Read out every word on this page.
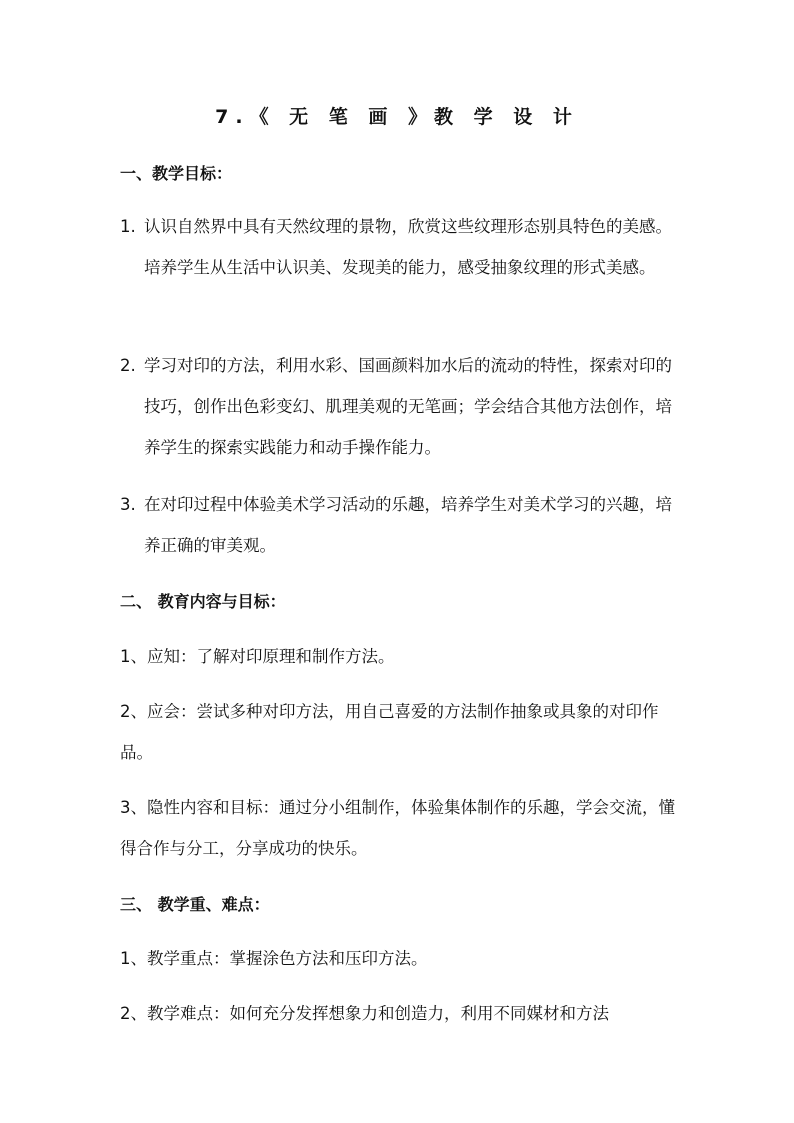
7.《 无 笔 画 》教 学 设 计
一、教学目标：
1. 认识自然界中具有天然纹理的景物，欣赏这些纹理形态别具特色的美感。培养学生从生活中认识美、发现美的能力，感受抽象纹理的形式美感。
2. 学习对印的方法，利用水彩、国画颜料加水后的流动的特性，探索对印的技巧，创作出色彩变幻、肌理美观的无笔画；学会结合其他方法创作，培养学生的探索实践能力和动手操作能力。
3. 在对印过程中体验美术学习活动的乐趣，培养学生对美术学习的兴趣，培养正确的审美观。
二、 教育内容与目标：
1、应知：了解对印原理和制作方法。
2、应会：尝试多种对印方法，用自己喜爱的方法制作抽象或具象的对印作品。
3、隐性内容和目标：通过分小组制作，体验集体制作的乐趣，学会交流，懂得合作与分工，分享成功的快乐。
三、 教学重、难点：
1、教学重点：掌握涂色方法和压印方法。
2、教学难点：如何充分发挥想象力和创造力，利用不同媒材和方法
